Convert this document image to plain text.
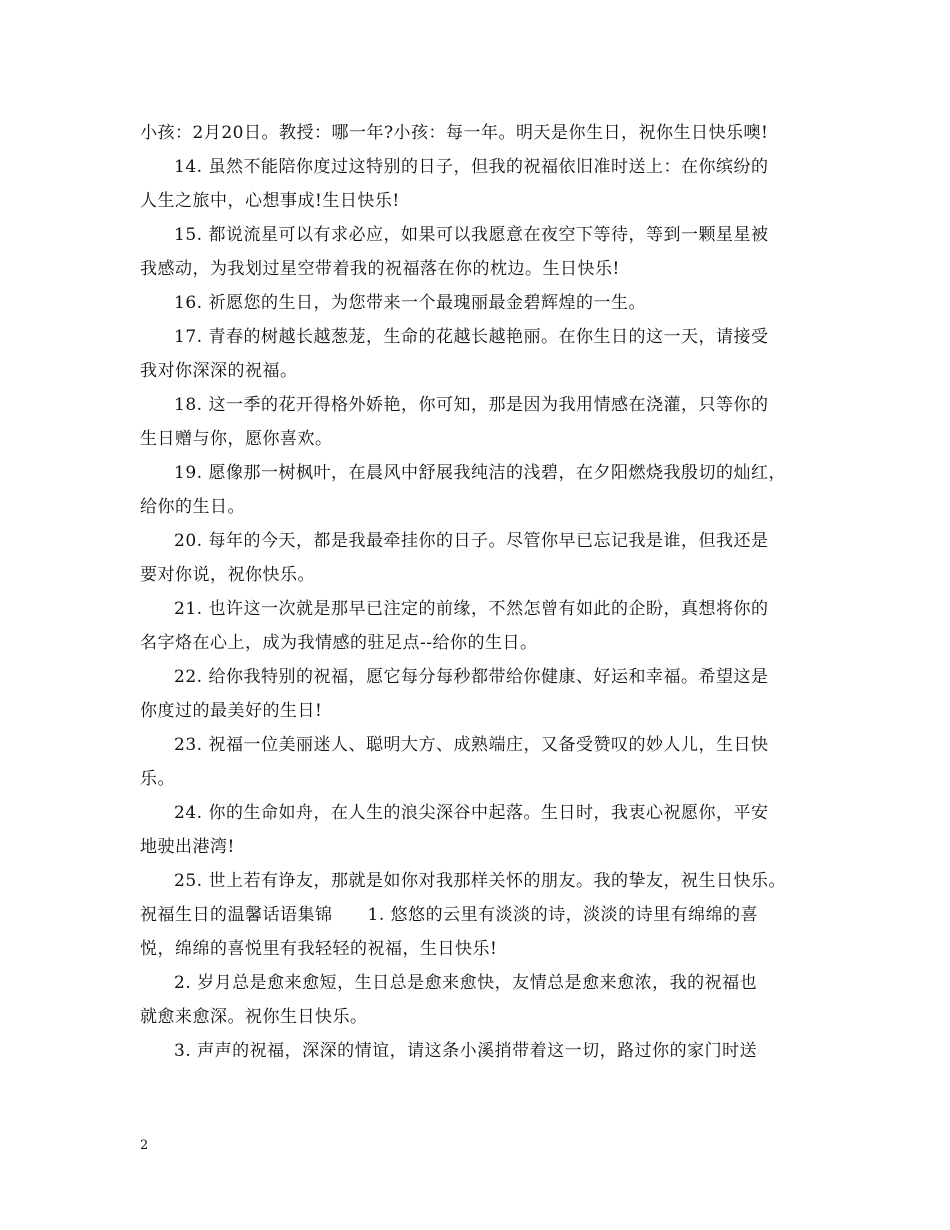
小孩：2月20日。教授：哪一年?小孩：每一年。明天是你生日，祝你生日快乐噢!
14. 虽然不能陪你度过这特别的日子，但我的祝福依旧准时送上：在你缤纷的
人生之旅中，心想事成!生日快乐!
15. 都说流星可以有求必应，如果可以我愿意在夜空下等待，等到一颗星星被
我感动，为我划过星空带着我的祝福落在你的枕边。生日快乐!
16. 祈愿您的生日，为您带来一个最瑰丽最金碧辉煌的一生。
17. 青春的树越长越葱茏，生命的花越长越艳丽。在你生日的这一天，请接受
我对你深深的祝福。
18. 这一季的花开得格外娇艳，你可知，那是因为我用情感在浇灌，只等你的
生日赠与你，愿你喜欢。
19. 愿像那一树枫叶，在晨风中舒展我纯洁的浅碧，在夕阳燃烧我殷切的灿红，
给你的生日。
20. 每年的今天，都是我最牵挂你的日子。尽管你早已忘记我是谁，但我还是
要对你说，祝你快乐。
21. 也许这一次就是那早已注定的前缘，不然怎曾有如此的企盼，真想将你的
名字烙在心上，成为我情感的驻足点--给你的生日。
22. 给你我特别的祝福，愿它每分每秒都带给你健康、好运和幸福。希望这是
你度过的最美好的生日!
23. 祝福一位美丽迷人、聪明大方、成熟端庄，又备受赞叹的妙人儿，生日快
乐。
24. 你的生命如舟，在人生的浪尖深谷中起落。生日时，我衷心祝愿你，平安
地驶出港湾!
25. 世上若有诤友，那就是如你对我那样关怀的朋友。我的挚友，祝生日快乐。
祝福生日的温馨话语集锦　　1. 悠悠的云里有淡淡的诗，淡淡的诗里有绵绵的喜
悦，绵绵的喜悦里有我轻轻的祝福，生日快乐!
2. 岁月总是愈来愈短，生日总是愈来愈快，友情总是愈来愈浓，我的祝福也
就愈来愈深。祝你生日快乐。
3. 声声的祝福，深深的情谊，请这条小溪捎带着这一切，路过你的家门时送
2
